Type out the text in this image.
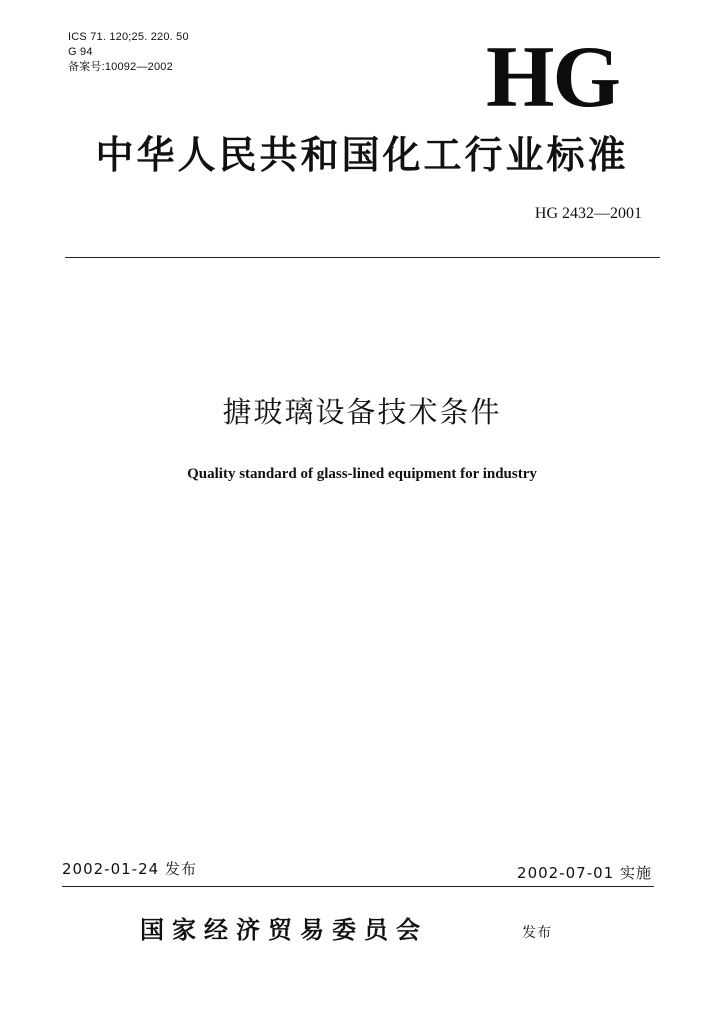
ICS 71. 120;25. 220. 50
G 94
备案号:10092—2002	HG
中华人民共和国化工行业标准
HG 2432—2001
搪玻璃设备技术条件
Quality standard of glass-lined equipment for industry
2002-01-24 发布	2002-07-01 实施
国家经济贸易委员会	发布
